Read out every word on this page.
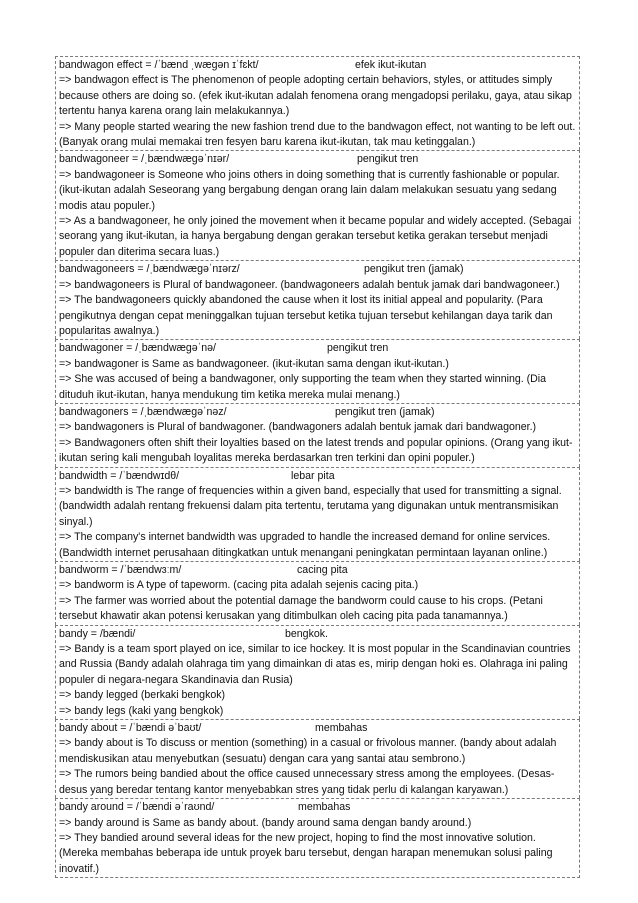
bandwagon effect = /ˈbænd ˌwæɡən ɪˈfɛkt/	efek ikut-ikutan

=> bandwagon effect is The phenomenon of people adopting certain behaviors, styles, or attitudes simply because others are doing so. (efek ikut-ikutan adalah fenomena orang mengadopsi perilaku, gaya, atau sikap tertentu hanya karena orang lain melakukannya.)

=> Many people started wearing the new fashion trend due to the bandwagon effect, not wanting to be left out. (Banyak orang mulai memakai tren fesyen baru karena ikut-ikutan, tak mau ketinggalan.)

bandwagoneer = /ˌbændwæɡəˈnɪər/	pengikut tren

=> bandwagoneer is Someone who joins others in doing something that is currently fashionable or popular. (ikut-ikutan adalah Seseorang yang bergabung dengan orang lain dalam melakukan sesuatu yang sedang modis atau populer.)

=> As a bandwagoneer, he only joined the movement when it became popular and widely accepted. (Sebagai seorang yang ikut-ikutan, ia hanya bergabung dengan gerakan tersebut ketika gerakan tersebut menjadi populer dan diterima secara luas.)

bandwagoneers = /ˌbændwæɡəˈnɪərz/	pengikut tren (jamak)

=> bandwagoneers is Plural of bandwagoneer. (bandwagoneers adalah bentuk jamak dari bandwagoneer.)

=> The bandwagoneers quickly abandoned the cause when it lost its initial appeal and popularity. (Para pengikutnya dengan cepat meninggalkan tujuan tersebut ketika tujuan tersebut kehilangan daya tarik dan popularitas awalnya.)

bandwagoner = /ˌbændwæɡəˈnə/	pengikut tren

=> bandwagoner is Same as bandwagoneer. (ikut-ikutan sama dengan ikut-ikutan.)

=> She was accused of being a bandwagoner, only supporting the team when they started winning. (Dia dituduh ikut-ikutan, hanya mendukung tim ketika mereka mulai menang.)

bandwagoners = /ˌbændwæɡəˈnəz/	pengikut tren (jamak)

=> bandwagoners is Plural of bandwagoner. (bandwagoners adalah bentuk jamak dari bandwagoner.)

=> Bandwagoners often shift their loyalties based on the latest trends and popular opinions. (Orang yang ikut-ikutan sering kali mengubah loyalitas mereka berdasarkan tren terkini dan opini populer.)

bandwidth = /ˈbændwɪdθ/	lebar pita

=> bandwidth is The range of frequencies within a given band, especially that used for transmitting a signal. (bandwidth adalah rentang frekuensi dalam pita tertentu, terutama yang digunakan untuk mentransmisikan sinyal.)

=> The company's internet bandwidth was upgraded to handle the increased demand for online services. (Bandwidth internet perusahaan ditingkatkan untuk menangani peningkatan permintaan layanan online.)

bandworm = /ˈbændwɜːm/	cacing pita

=> bandworm is A type of tapeworm. (cacing pita adalah sejenis cacing pita.)

=> The farmer was worried about the potential damage the bandworm could cause to his crops. (Petani tersebut khawatir akan potensi kerusakan yang ditimbulkan oleh cacing pita pada tanamannya.)

bandy = /bændi/	bengkok.

=> Bandy is a team sport played on ice, similar to ice hockey. It is most popular in the Scandinavian countries and Russia (Bandy adalah olahraga tim yang dimainkan di atas es, mirip dengan hoki es. Olahraga ini paling populer di negara-negara Skandinavia dan Rusia)

=> bandy legged (berkaki bengkok)

=> bandy legs (kaki yang bengkok)

bandy about = /ˈbændi əˈbaʊt/	membahas

=> bandy about is To discuss or mention (something) in a casual or frivolous manner. (bandy about adalah mendiskusikan atau menyebutkan (sesuatu) dengan cara yang santai atau sembrono.)

=> The rumors being bandied about the office caused unnecessary stress among the employees. (Desas-desus yang beredar tentang kantor menyebabkan stres yang tidak perlu di kalangan karyawan.)

bandy around = /ˈbændi əˈraʊnd/	membahas

=> bandy around is Same as bandy about. (bandy around sama dengan bandy around.)

=> They bandied around several ideas for the new project, hoping to find the most innovative solution. (Mereka membahas beberapa ide untuk proyek baru tersebut, dengan harapan menemukan solusi paling inovatif.)
